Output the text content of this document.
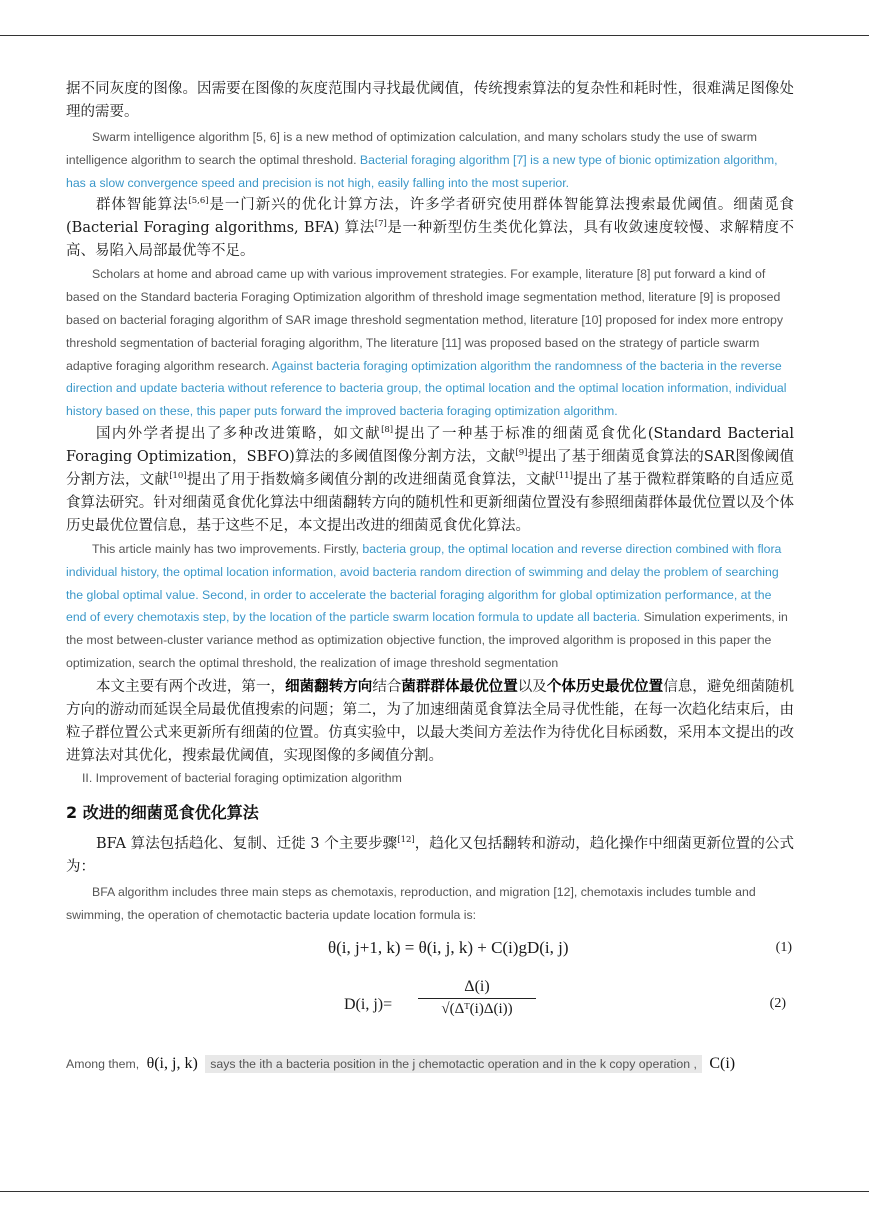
据不同灰度的图像。因需要在图像的灰度范围内寻找最优阈值，传统搜索算法的复杂性和耗时性，很难满足图像处理的需要。

Swarm intelligence algorithm [5, 6] is a new method of optimization calculation, and many scholars study the use of swarm intelligence algorithm to search the optimal threshold. Bacterial foraging algorithm [7] is a new type of bionic optimization algorithm, has a slow convergence speed and precision is not high, easily falling into the most superior.

群体智能算法[5,6]是一门新兴的优化计算方法，许多学者研究使用群体智能算法搜索最优阈值。细菌觅食(Bacterial Foraging algorithms, BFA) 算法[7]是一种新型仿生类优化算法，具有收敛速度较慢、求解精度不高、易陷入局部最优等不足。

Scholars at home and abroad came up with various improvement strategies. For example, literature [8] put forward a kind of based on the Standard bacteria Foraging Optimization algorithm of threshold image segmentation method, literature [9] is proposed based on bacterial foraging algorithm of SAR image threshold segmentation method, literature [10] proposed for index more entropy threshold segmentation of bacterial foraging algorithm, The literature [11] was proposed based on the strategy of particle swarm adaptive foraging algorithm research. Against bacteria foraging optimization algorithm the randomness of the bacteria in the reverse direction and update bacteria without reference to bacteria group, the optimal location and the optimal location information, individual history based on these, this paper puts forward the improved bacteria foraging optimization algorithm.

国内外学者提出了多种改进策略，如文献[8]提出了一种基于标准的细菌觅食优化(Standard Bacterial Foraging Optimization，SBFO)算法的多阈值图像分割方法，文献[9]提出了基于细菌觅食算法的SAR图像阈值分割方法，文献[10]提出了用于指数熵多阈值分割的改进细菌觅食算法，文献[11]提出了基于微粒群策略的自适应觅食算法研究。针对细菌觅食优化算法中细菌翻转方向的随机性和更新细菌位置没有参照细菌群体最优位置以及个体历史最优位置信息，基于这些不足，本文提出改进的细菌觅食优化算法。

This article mainly has two improvements. Firstly, bacteria group, the optimal location and reverse direction combined with flora individual history, the optimal location information, avoid bacteria random direction of swimming and delay the problem of searching the global optimal value. Second, in order to accelerate the bacterial foraging algorithm for global optimization performance, at the end of every chemotaxis step, by the location of the particle swarm location formula to update all bacteria. Simulation experiments, in the most between-cluster variance method as optimization objective function, the improved algorithm is proposed in this paper the optimization, search the optimal threshold, the realization of image threshold segmentation

本文主要有两个改进，第一，细菌翻转方向结合菌群群体最优位置以及个体历史最优位置信息，避免细菌随机方向的游动而延误全局最优值搜索的问题；第二，为了加速细菌觅食算法全局寻优性能，在每一次趋化结束后，由粒子群位置公式来更新所有细菌的位置。仿真实验中，以最大类间方差法作为待优化目标函数，采用本文提出的改进算法对其优化，搜索最优阈值，实现图像的多阈值分割。

II. Improvement of bacterial foraging optimization algorithm

2 改进的细菌觅食优化算法

BFA 算法包括趋化、复制、迁徙 3 个主要步骤[12]，趋化又包括翻转和游动，趋化操作中细菌更新位置的公式为：

BFA algorithm includes three main steps as chemotaxis, reproduction, and migration [12], chemotaxis includes tumble and swimming, the operation of chemotactic bacteria update location formula is:

θ(i, j+1, k) = θ(i, j, k) + C(i)gD(i, j)	(1)
D(i, $j)= \frac{\Delta(i)}{\text{√(Δᵀ(i)Δ(i))}}$	(2)
Among them, θ(i, j, k) says the ith a bacteria position in the j chemotactic operation and in the k copy operation , C(i)
